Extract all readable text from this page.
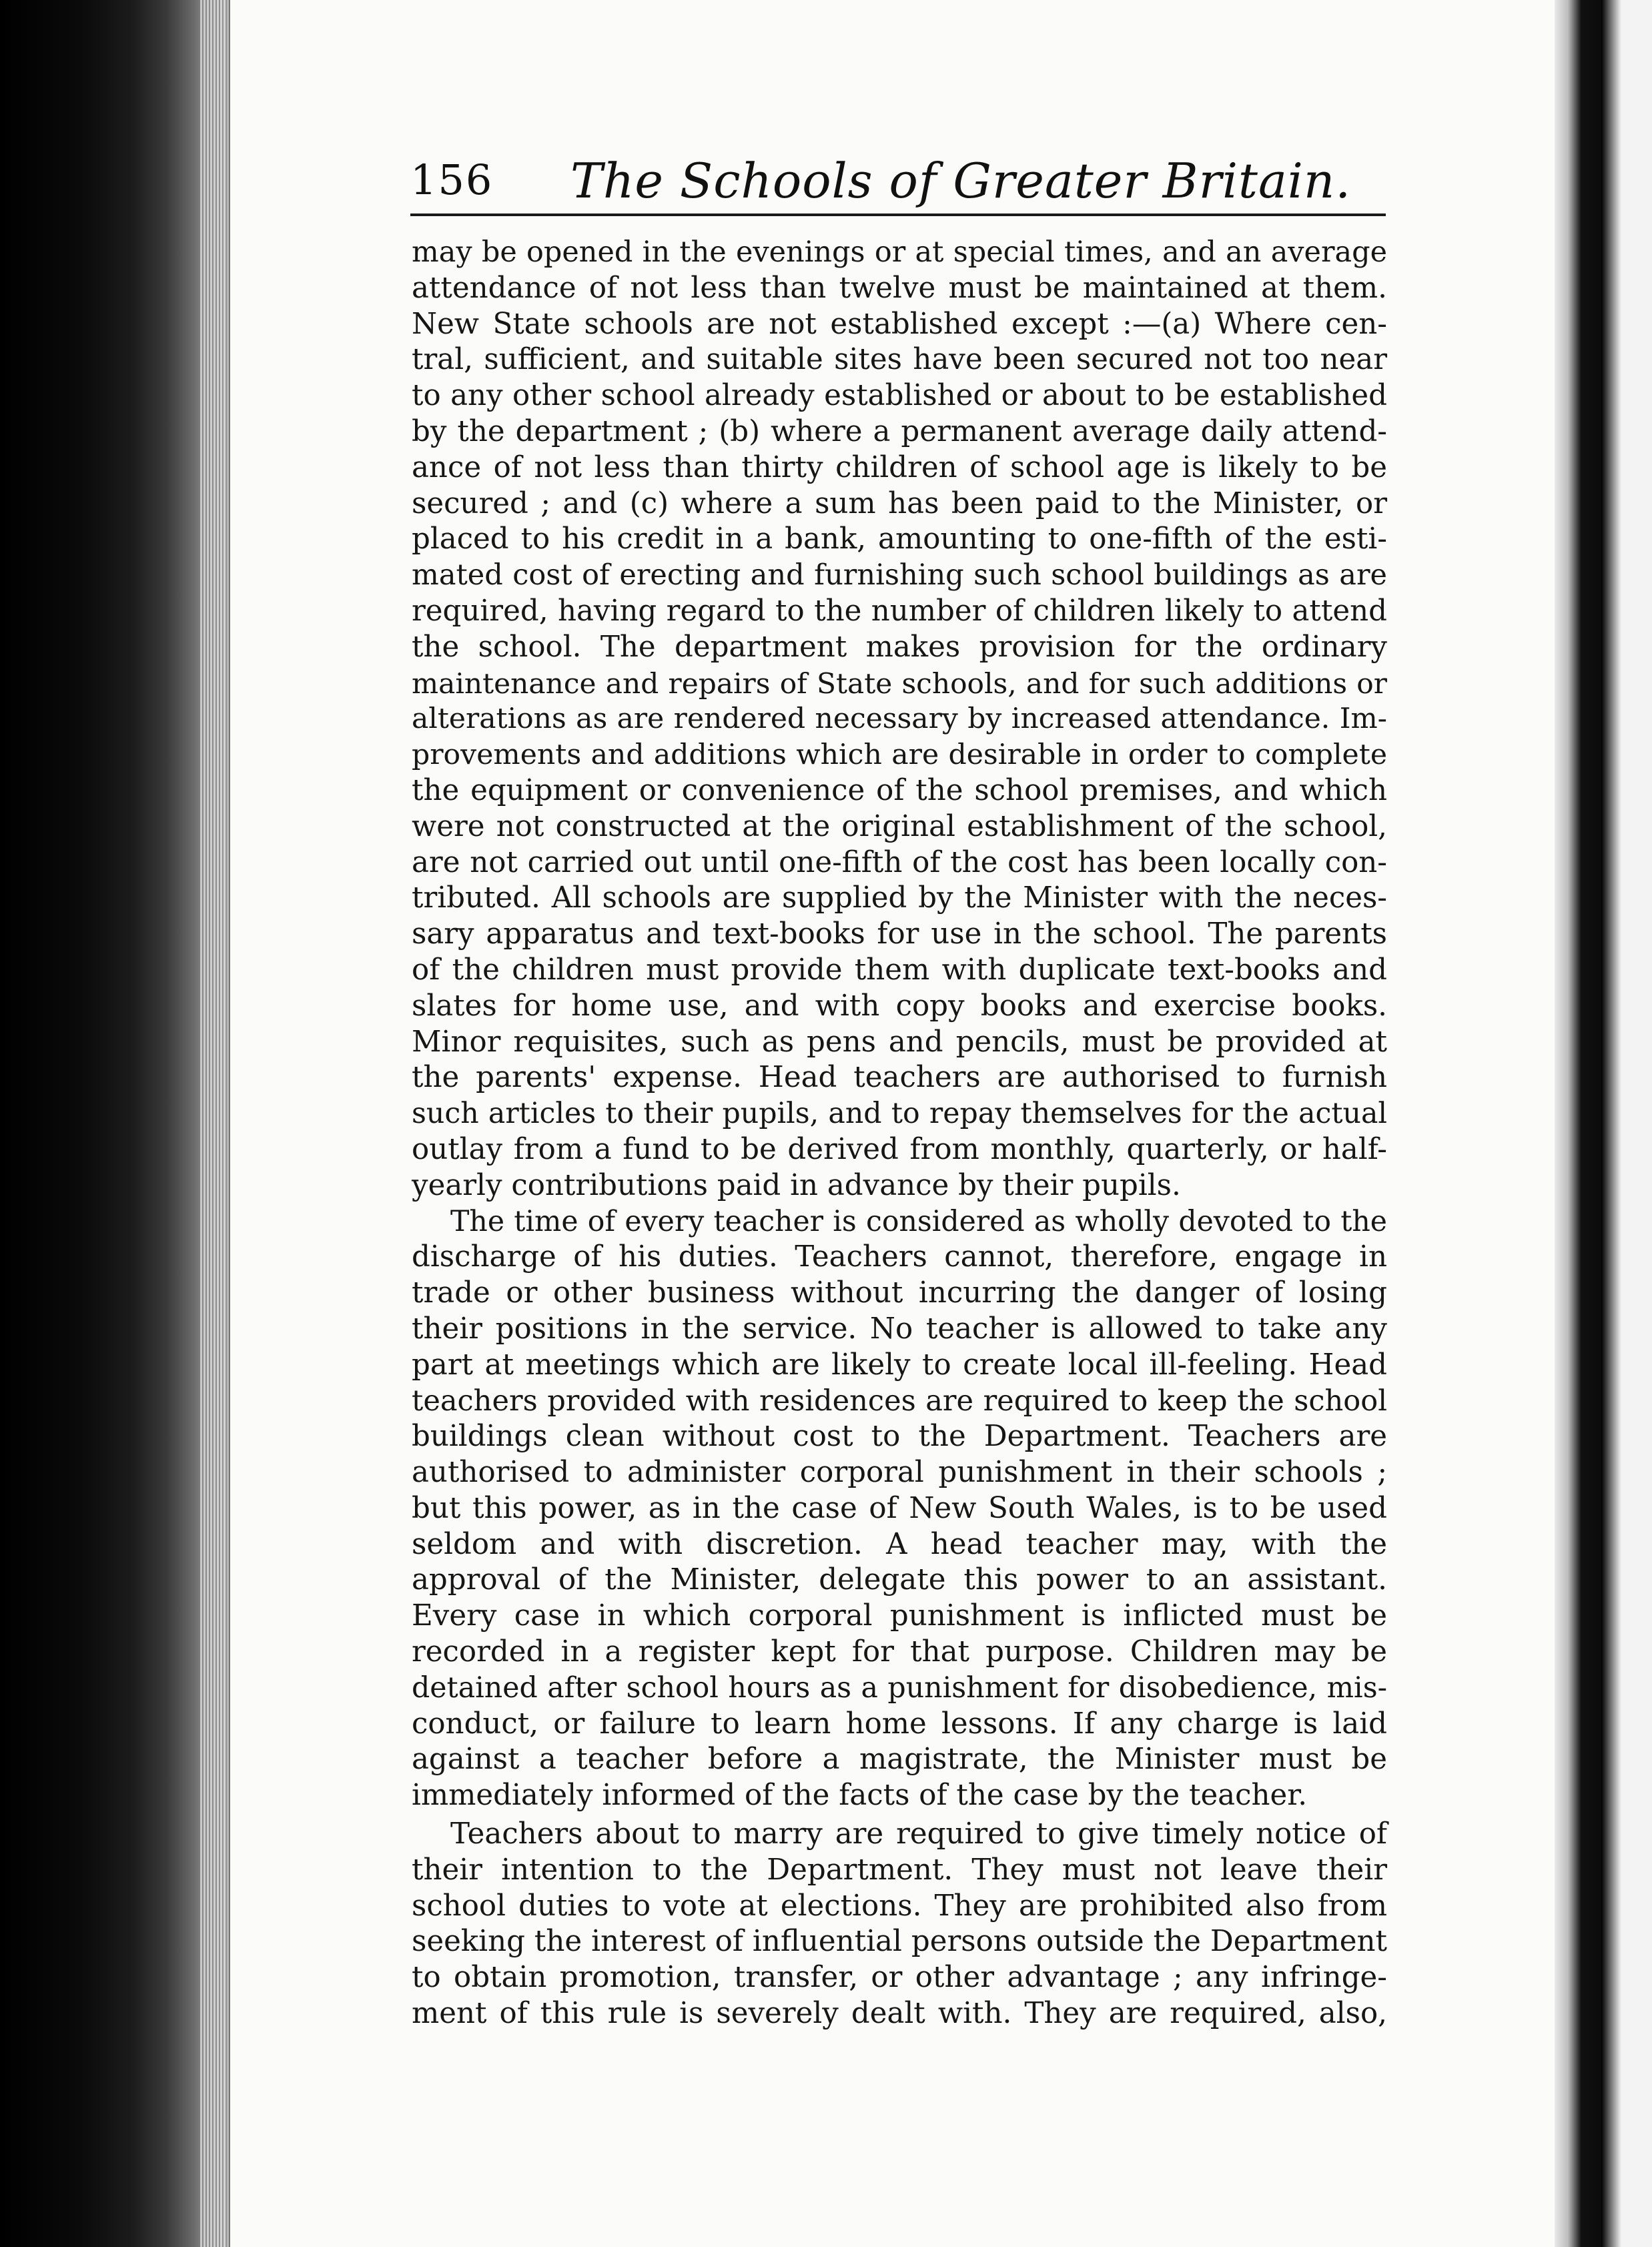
156 The Schools of Greater Britain.
may be opened in the evenings or at special times, and an average
attendance of not less than twelve must be maintained at them.
New State schools are not established except :—(a) Where cen-
tral, sufficient, and suitable sites have been secured not too near
to any other school already established or about to be established
by the department ; (b) where a permanent average daily attend-
ance of not less than thirty children of school age is likely to be
secured ; and (c) where a sum has been paid to the Minister, or
placed to his credit in a bank, amounting to one-fifth of the esti-
mated cost of erecting and furnishing such school buildings as are
required, having regard to the number of children likely to attend
the school. The department makes provision for the ordinary
maintenance and repairs of State schools, and for such additions or
alterations as are rendered necessary by increased attendance. Im-
provements and additions which are desirable in order to complete
the equipment or convenience of the school premises, and which
were not constructed at the original establishment of the school,
are not carried out until one-fifth of the cost has been locally con-
tributed. All schools are supplied by the Minister with the neces-
sary apparatus and text-books for use in the school. The parents
of the children must provide them with duplicate text-books and
slates for home use, and with copy books and exercise books.
Minor requisites, such as pens and pencils, must be provided at
the parents' expense. Head teachers are authorised to furnish
such articles to their pupils, and to repay themselves for the actual
outlay from a fund to be derived from monthly, quarterly, or half-
yearly contributions paid in advance by their pupils.
The time of every teacher is considered as wholly devoted to the
discharge of his duties. Teachers cannot, therefore, engage in
trade or other business without incurring the danger of losing
their positions in the service. No teacher is allowed to take any
part at meetings which are likely to create local ill-feeling. Head
teachers provided with residences are required to keep the school
buildings clean without cost to the Department. Teachers are
authorised to administer corporal punishment in their schools ;
but this power, as in the case of New South Wales, is to be used
seldom and with discretion. A head teacher may, with the
approval of the Minister, delegate this power to an assistant.
Every case in which corporal punishment is inflicted must be
recorded in a register kept for that purpose. Children may be
detained after school hours as a punishment for disobedience, mis-
conduct, or failure to learn home lessons. If any charge is laid
against a teacher before a magistrate, the Minister must be
immediately informed of the facts of the case by the teacher.
Teachers about to marry are required to give timely notice of
their intention to the Department. They must not leave their
school duties to vote at elections. They are prohibited also from
seeking the interest of influential persons outside the Department
to obtain promotion, transfer, or other advantage ; any infringe-
ment of this rule is severely dealt with. They are required, also,
